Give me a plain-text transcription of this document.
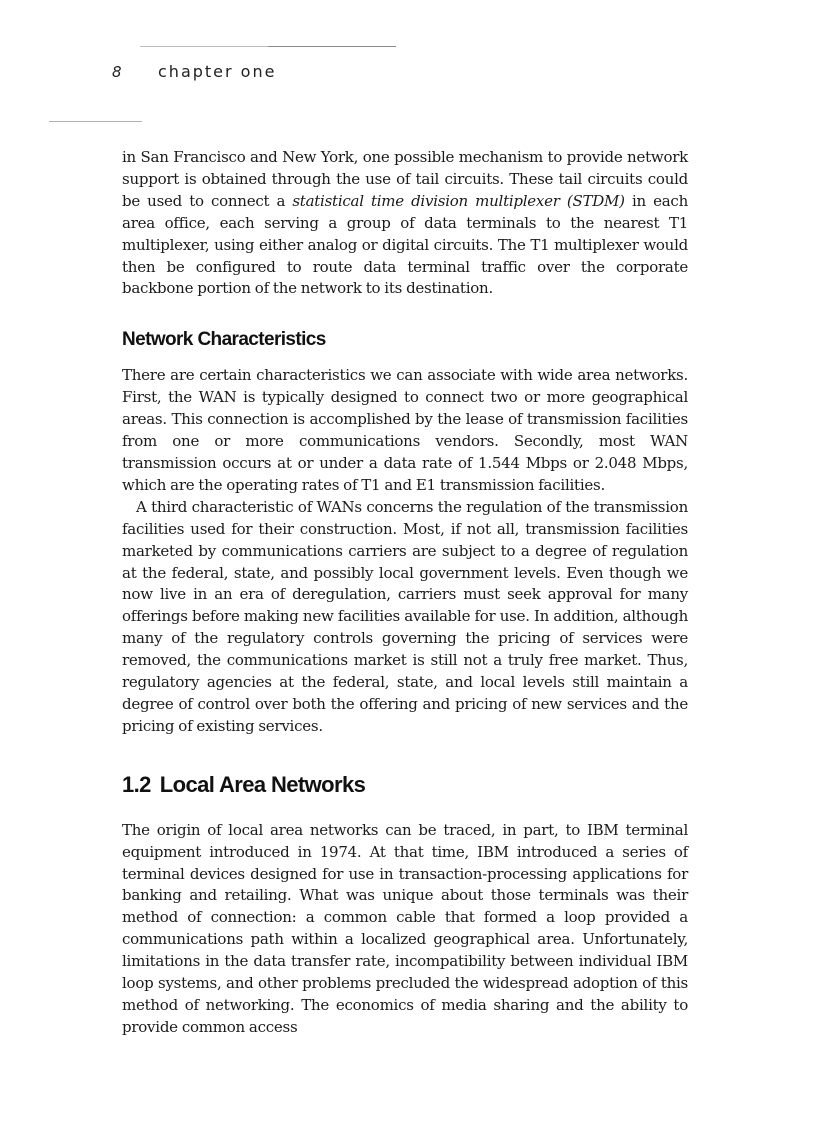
8	chapter one

in San Francisco and New York, one possible mechanism to provide network support is obtained through the use of tail circuits. These tail circuits could be used to connect a statistical time division multiplexer (STDM) in each area office, each serving a group of data terminals to the nearest T1 multiplexer, using either analog or digital circuits. The T1 multiplexer would then be configured to route data terminal traffic over the corporate backbone portion of the network to its destination.

Network Characteristics

There are certain characteristics we can associate with wide area networks. First, the WAN is typically designed to connect two or more geographical areas. This connection is accomplished by the lease of transmission facilities from one or more communications vendors. Secondly, most WAN transmission occurs at or under a data rate of 1.544 Mbps or 2.048 Mbps, which are the operating rates of T1 and E1 transmission facilities.

A third characteristic of WANs concerns the regulation of the transmission facilities used for their construction. Most, if not all, transmission facilities marketed by communications carriers are subject to a degree of regulation at the federal, state, and possibly local government levels. Even though we now live in an era of deregulation, carriers must seek approval for many offerings before making new facilities available for use. In addition, although many of the regulatory controls governing the pricing of services were removed, the communications market is still not a truly free market. Thus, regulatory agencies at the federal, state, and local levels still maintain a degree of control over both the offering and pricing of new services and the pricing of existing services.

1.2 Local Area Networks

The origin of local area networks can be traced, in part, to IBM terminal equipment introduced in 1974. At that time, IBM introduced a series of terminal devices designed for use in transaction-processing applications for banking and retailing. What was unique about those terminals was their method of connection: a common cable that formed a loop provided a communications path within a localized geographical area. Unfortunately, limitations in the data transfer rate, incompatibility between individual IBM loop systems, and other problems precluded the widespread adoption of this method of networking. The economics of media sharing and the ability to provide common access
